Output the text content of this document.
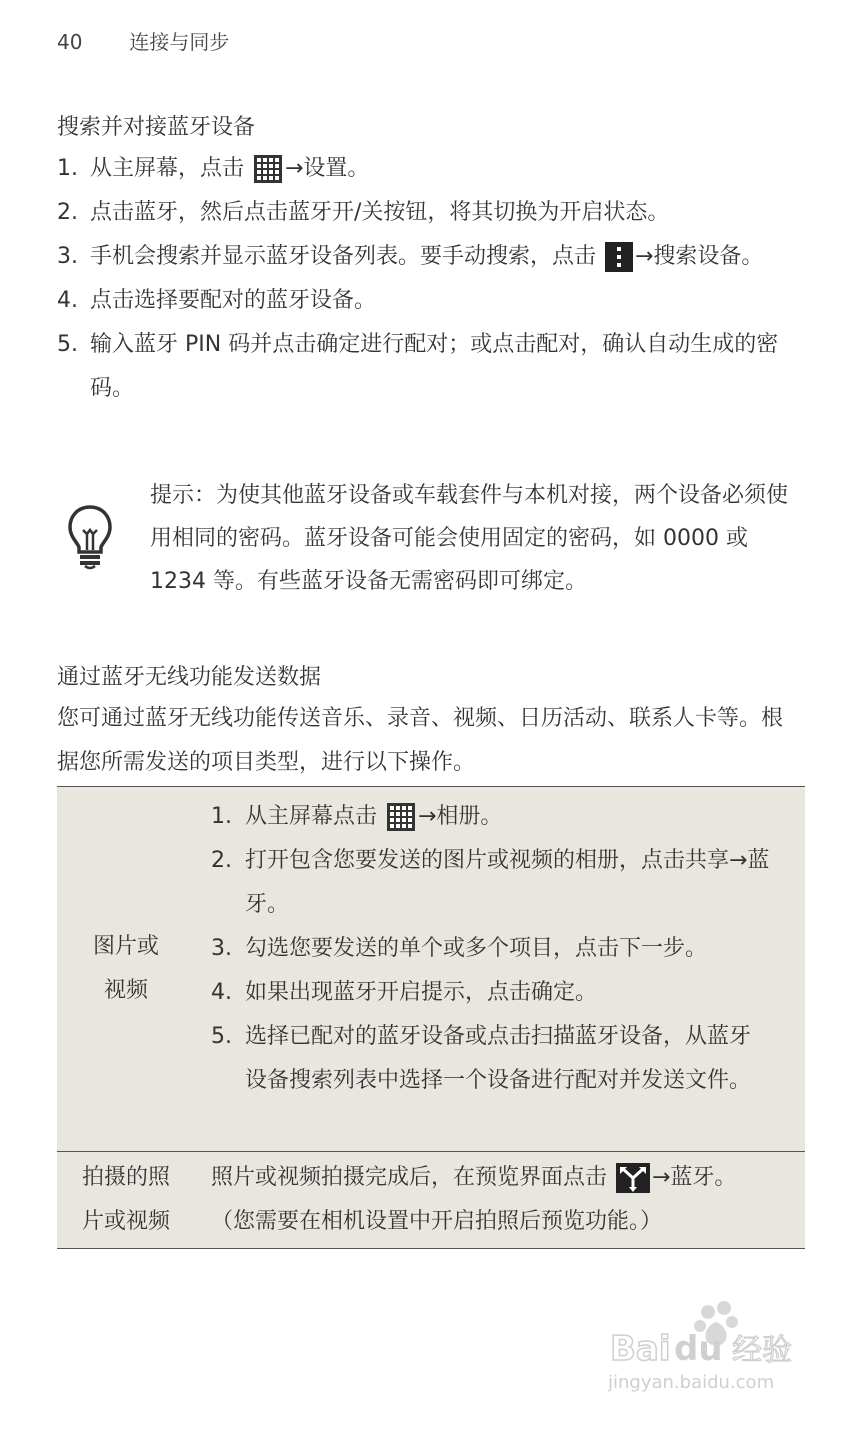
40 连接与同步
搜索并对接蓝牙设备
1. 从主屏幕，点击 →设置。
2. 点击蓝牙，然后点击蓝牙开/关按钮，将其切换为开启状态。
3. 手机会搜索并显示蓝牙设备列表。要手动搜索，点击 →搜索设备。
4. 点击选择要配对的蓝牙设备。
5. 输入蓝牙 PIN 码并点击确定进行配对；或点击配对，确认自动生成的密码。
提示：为使其他蓝牙设备或车载套件与本机对接，两个设备必须使用相同的密码。蓝牙设备可能会使用固定的密码，如 0000 或 1234 等。有些蓝牙设备无需密码即可绑定。
通过蓝牙无线功能发送数据
您可通过蓝牙无线功能传送音乐、录音、视频、日历活动、联系人卡等。根据您所需发送的项目类型，进行以下操作。
图片或
视频
1. 从主屏幕点击 →相册。
2. 打开包含您要发送的图片或视频的相册，点击共享→蓝牙。
3. 勾选您要发送的单个或多个项目，点击下一步。
4. 如果出现蓝牙开启提示，点击确定。
5. 选择已配对的蓝牙设备或点击扫描蓝牙设备，从蓝牙设备搜索列表中选择一个设备进行配对并发送文件。
拍摄的照
片或视频
照片或视频拍摄完成后，在预览界面点击 →蓝牙。
（您需要在相机设置中开启拍照后预览功能。）
Bai du 经验
jingyan.baidu.com
